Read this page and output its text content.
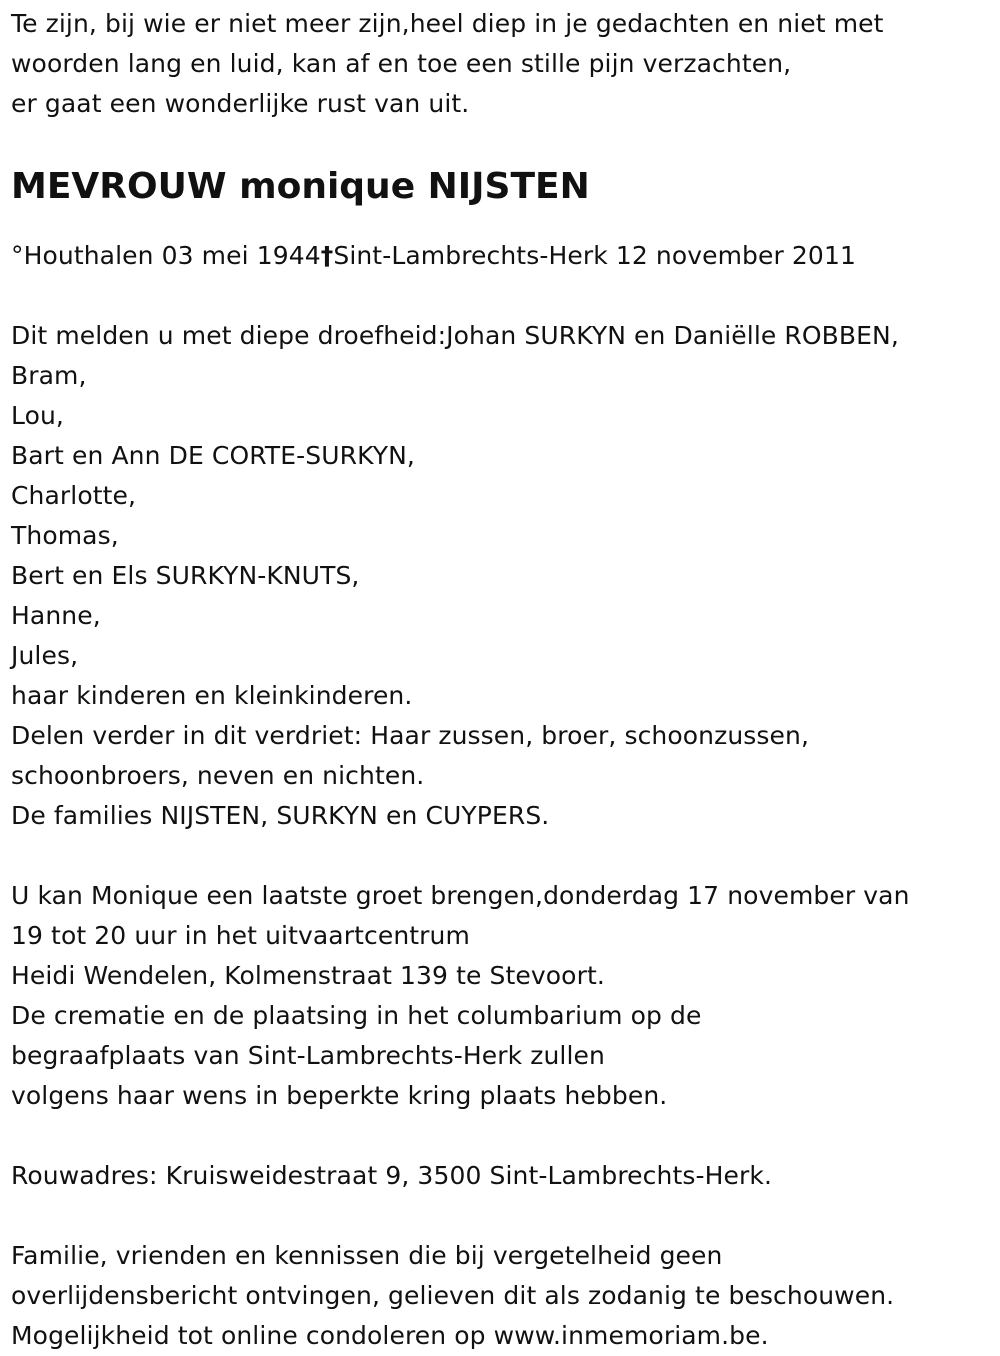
Te zijn, bij wie er niet meer zijn,heel diep in je gedachten en niet met
woorden lang en luid, kan af en toe een stille pijn verzachten,
er gaat een wonderlijke rust van uit.
MEVROUW monique NIJSTEN
°Houthalen 03 mei 1944†Sint-Lambrechts-Herk 12 november 2011
Dit melden u met diepe droefheid:Johan SURKYN en Daniëlle ROBBEN,
Bram,
Lou,
Bart en Ann DE CORTE-SURKYN,
Charlotte,
Thomas,
Bert en Els SURKYN-KNUTS,
Hanne,
Jules,
haar kinderen en kleinkinderen.
Delen verder in dit verdriet: Haar zussen, broer, schoonzussen,
schoonbroers, neven en nichten.
De families NIJSTEN, SURKYN en CUYPERS.
U kan Monique een laatste groet brengen,donderdag 17 november van
19 tot 20 uur in het uitvaartcentrum
Heidi Wendelen, Kolmenstraat 139 te Stevoort.
De crematie en de plaatsing in het columbarium op de
begraafplaats van Sint-Lambrechts-Herk zullen
volgens haar wens in beperkte kring plaats hebben.
Rouwadres: Kruisweidestraat 9, 3500 Sint-Lambrechts-Herk.
Familie, vrienden en kennissen die bij vergetelheid geen
overlijdensbericht ontvingen, gelieven dit als zodanig te beschouwen.
Mogelijkheid tot online condoleren op www.inmemoriam.be.
